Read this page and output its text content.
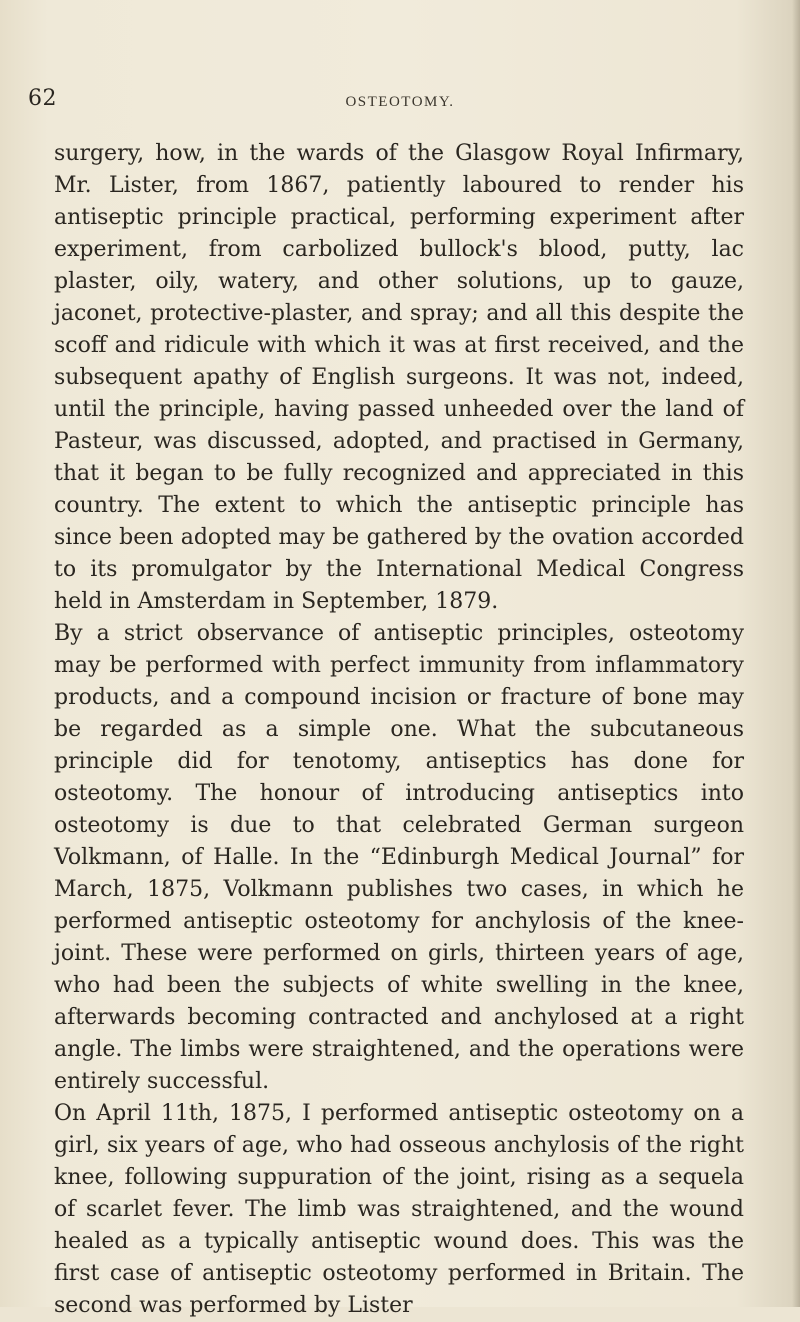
62	OSTEOTOMY.

surgery, how, in the wards of the Glasgow Royal Infirmary, Mr. Lister, from 1867, patiently laboured to render his antiseptic principle practical, performing experiment after experiment, from carbolized bullock's blood, putty, lac plaster, oily, watery, and other solutions, up to gauze, jaconet, protective-plaster, and spray; and all this despite the scoff and ridicule with which it was at first received, and the subsequent apathy of English surgeons. It was not, indeed, until the principle, having passed unheeded over the land of Pasteur, was discussed, adopted, and practised in Germany, that it began to be fully recognized and appreciated in this country. The extent to which the antiseptic principle has since been adopted may be gathered by the ovation accorded to its promulgator by the International Medical Congress held in Amsterdam in September, 1879.

By a strict observance of antiseptic principles, osteotomy may be performed with perfect immunity from inflammatory products, and a compound incision or fracture of bone may be regarded as a simple one. What the subcutaneous principle did for tenotomy, antiseptics has done for osteotomy. The honour of introducing antiseptics into osteotomy is due to that celebrated German surgeon Volkmann, of Halle. In the “Edinburgh Medical Journal” for March, 1875, Volkmann publishes two cases, in which he performed antiseptic osteotomy for anchylosis of the knee-joint. These were performed on girls, thirteen years of age, who had been the subjects of white swelling in the knee, afterwards becoming contracted and anchylosed at a right angle. The limbs were straightened, and the operations were entirely successful.

On April 11th, 1875, I performed antiseptic osteotomy on a girl, six years of age, who had osseous anchylosis of the right knee, following suppuration of the joint, rising as a sequela of scarlet fever. The limb was straightened, and the wound healed as a typically antiseptic wound does. This was the first case of antiseptic osteotomy performed in Britain. The second was performed by Lister
